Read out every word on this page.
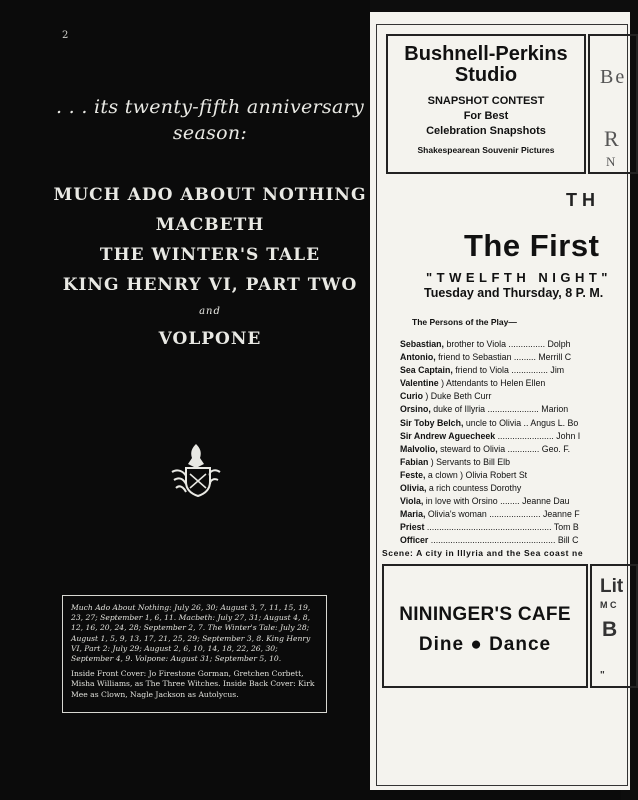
2
. . . its twenty-fifth anniversary season:
MUCH ADO ABOUT NOTHING
MACBETH
THE WINTER'S TALE
KING HENRY VI, PART TWO
and
VOLPONE

Much Ado About Nothing: July 26, 30; August 3, 7, 11, 15, 19, 23, 27; September 1, 6, 11. Macbeth: July 27, 31; August 4, 8, 12, 16, 20, 24, 28; September 2, 7. The Winter's Tale: July 28; August 1, 5, 9, 13, 17, 21, 25, 29; September 3, 8. King Henry VI, Part 2: July 29; August 2, 6, 10, 14, 18, 22, 26, 30; September 4, 9. Volpone: August 31; September 5, 10.

Inside Front Cover: Jo Firestone Gorman, Gretchen Corbett, Misha Williams, as The Three Witches. Inside Back Cover: Kirk Mee as Clown, Nagle Jackson as Autolycus.

Bushnell-Perkins Studio
SNAPSHOT CONTEST
For Best
Celebration Snapshots
Shakespearean Souvenir Pictures
Be
R
N
TH
The First
"TWELFTH NIGHT"
Tuesday and Thursday, 8 P. M.
The Persons of the Play—
Sebastian, brother to Viola ............... Dolph
Antonio, friend to Sebastian ......... Merrill C
Sea Captain, friend to Viola ............... Jim
Valentine ) Attendants to Helen Ellen
Curio ) Duke Beth Curr
Orsino, duke of Illyria ..................... Marion
Sir Toby Belch, uncle to Olivia .. Angus L. Bo
Sir Andrew Aguecheek ....................... John I
Malvolio, steward to Olivia ............. Geo. F.
Fabian ) Servants to Bill Elb
Feste, a clown ) Olivia Robert St
Olivia, a rich countess Dorothy
Viola, in love with Orsino ........ Jeanne Dau
Maria, Olivia's woman ..................... Jeanne F
Priest ................................................... Tom B
Officer ................................................... Bill C
Scene: A city in Illyria and the Sea coast ne
NININGER'S CAFE
Dine ● Dance
Lit
M C
B
"
